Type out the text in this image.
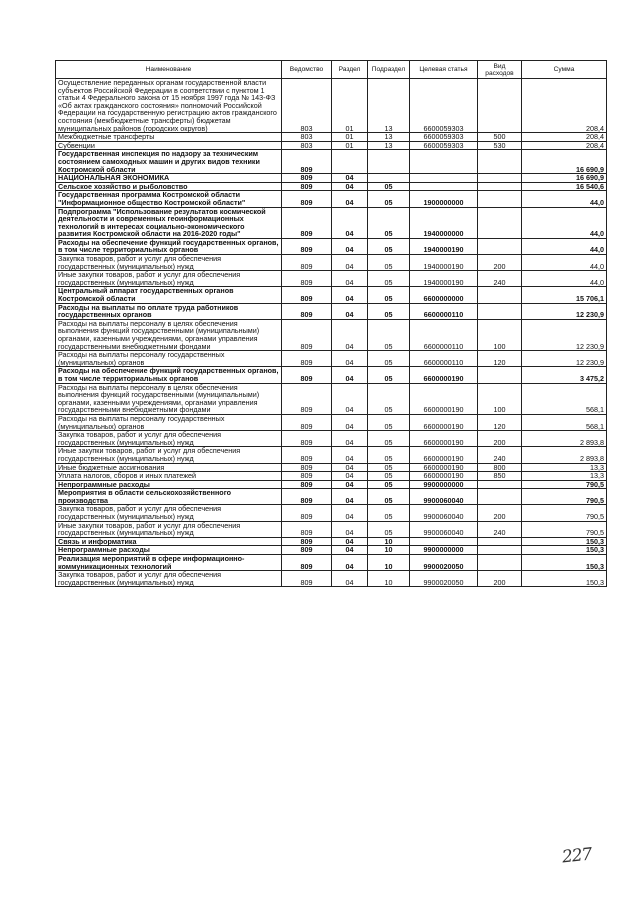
Наименование	Ведомство	Раздел	Подраздел	Целевая статья	Вид расходов	Сумма
Осуществление переданных органам государственной власти субъектов Российской Федерации в соответствии с пунктом 1 статьи 4 Федерального закона от 15 ноября 1997 года № 143-ФЗ «Об актах гражданского состояния» полномочий Российской Федерации на государственную регистрацию актов гражданского состояния (межбюджетные трансферты) бюджетам муниципальных районов (городских округов)	803	01	13	6600059303		208,4
Межбюджетные трансферты	803	01	13	6600059303	500	208,4
Субвенции	803	01	13	6600059303	530	208,4
Государственная инспекция по надзору за техническим состоянием самоходных машин и других видов техники Костромской области	809					16 690,9
НАЦИОНАЛЬНАЯ ЭКОНОМИКА	809	04				16 690,9
Сельское хозяйство и рыболовство	809	04	05			16 540,6
Государственная программа Костромской области "Информационное общество Костромской области"	809	04	05	1900000000		44,0
Подпрограмма "Использование результатов космической деятельности и современных геоинформационных технологий в интересах социально-экономического развития Костромской области на 2016-2020 годы"	809	04	05	1940000000		44,0
Расходы на обеспечение функций государственных органов, в том числе территориальных органов	809	04	05	1940000190		44,0
Закупка товаров, работ и услуг для обеспечения государственных (муниципальных) нужд	809	04	05	1940000190	200	44,0
Иные закупки товаров, работ и услуг для обеспечения государственных (муниципальных) нужд	809	04	05	1940000190	240	44,0
Центральный аппарат государственных органов Костромской области	809	04	05	6600000000		15 706,1
Расходы на выплаты по оплате труда работников государственных органов	809	04	05	6600000110		12 230,9
Расходы на выплаты персоналу в целях обеспечения выполнения функций государственными (муниципальными) органами, казенными учреждениями, органами управления государственными внебюджетными фондами	809	04	05	6600000110	100	12 230,9
Расходы на выплаты персоналу государственных (муниципальных) органов	809	04	05	6600000110	120	12 230,9
Расходы на обеспечение функций государственных органов, в том числе территориальных органов	809	04	05	6600000190		3 475,2
Расходы на выплаты персоналу в целях обеспечения выполнения функций государственными (муниципальными) органами, казенными учреждениями, органами управления государственными внебюджетными фондами	809	04	05	6600000190	100	568,1
Расходы на выплаты персоналу государственных (муниципальных) органов	809	04	05	6600000190	120	568,1
Закупка товаров, работ и услуг для обеспечения государственных (муниципальных) нужд	809	04	05	6600000190	200	2 893,8
Иные закупки товаров, работ и услуг для обеспечения государственных (муниципальных) нужд	809	04	05	6600000190	240	2 893,8
Иные бюджетные ассигнования	809	04	05	6600000190	800	13,3
Уплата налогов, сборов и иных платежей	809	04	05	6600000190	850	13,3
Непрограммные расходы	809	04	05	9900000000		790,5
Мероприятия в области сельскохозяйственного производства	809	04	05	9900060040		790,5
Закупка товаров, работ и услуг для обеспечения государственных (муниципальных) нужд	809	04	05	9900060040	200	790,5
Иные закупки товаров, работ и услуг для обеспечения государственных (муниципальных) нужд	809	04	05	9900060040	240	790,5
Связь и информатика	809	04	10			150,3
Непрограммные расходы	809	04	10	9900000000		150,3
Реализация мероприятий в сфере информационно-коммуникационных технологий	809	04	10	9900020050		150,3
Закупка товаров, работ и услуг для обеспечения государственных (муниципальных) нужд	809	04	10	9900020050	200	150,3
227
